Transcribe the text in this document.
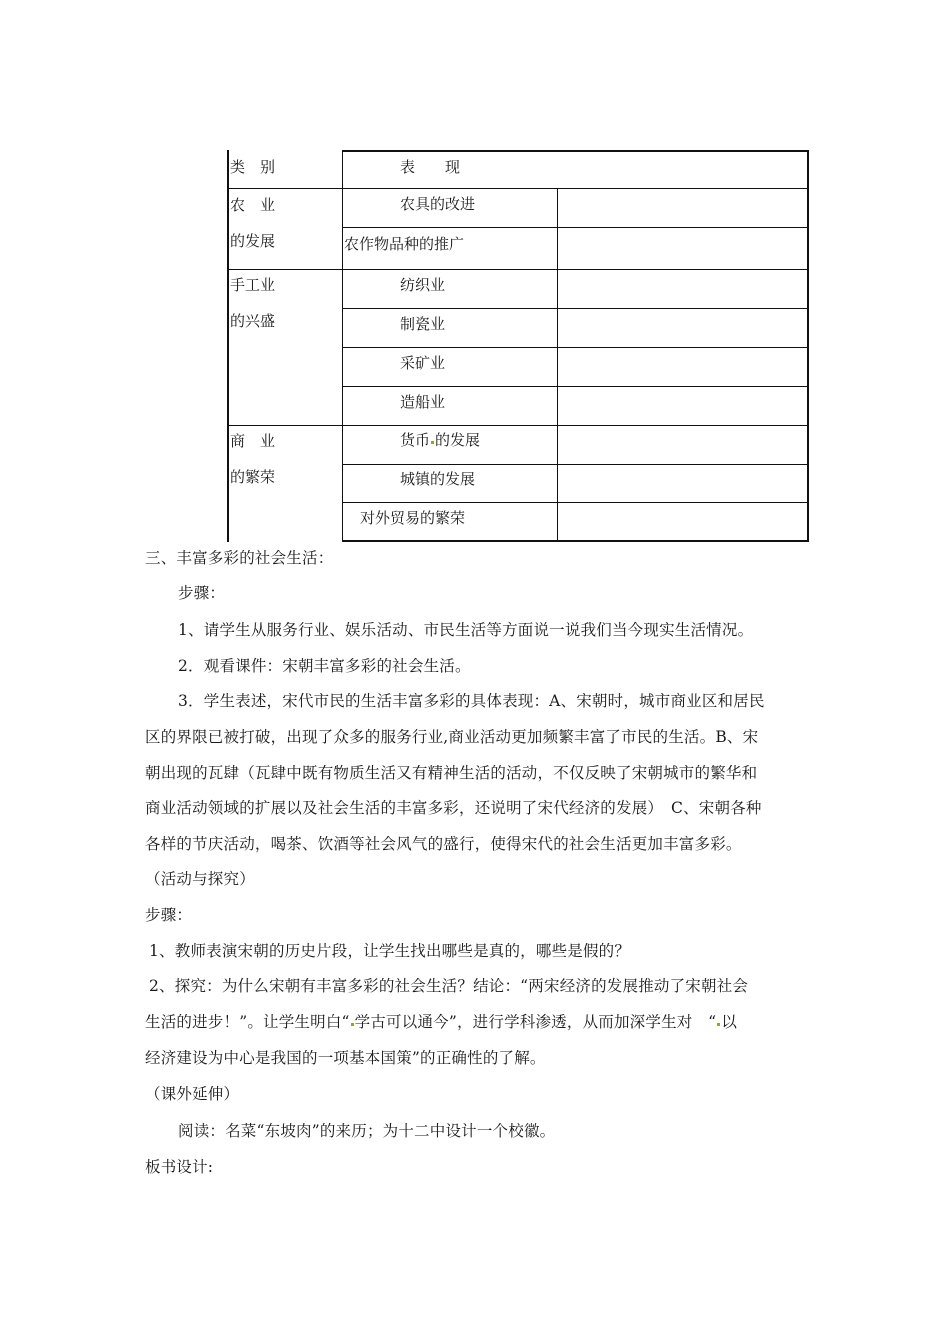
类　别	表　　现
农　业
的发展
农具的改进
农作物品种的推广
手工业
的兴盛
纺织业
制瓷业
采矿业
造船业
商　业
的繁荣
货币 的发展
城镇的发展
对外贸易的繁荣
三、丰富多彩的社会生活：
步骤：
1、请学生从服务行业、娱乐活动、市民生活等方面说一说我们当今现实生活情况。
2．观看课件：宋朝丰富多彩的社会生活。
3．学生表述，宋代市民的生活丰富多彩的具体表现：A、宋朝时，城市商业区和居民
区的界限已被打破，出现了众多的服务行业,商业活动更加频繁丰富了市民的生活。B、宋
朝出现的瓦肆（瓦肆中既有物质生活又有精神生活的活动，不仅反映了宋朝城市的繁华和
商业活动领域的扩展以及社会生活的丰富多彩，还说明了宋代经济的发展）　C、宋朝各种
各样的节庆活动，喝茶、饮酒等社会风气的盛行，使得宋代的社会生活更加丰富多彩。
（活动与探究）
步骤：
1、教师表演宋朝的历史片段，让学生找出哪些是真的，哪些是假的？
2、探究：为什么宋朝有丰富多彩的社会生活？结论：“两宋经济的发展推动了宋朝社会
生活的进步！”。让学生明白“ 学古可以通今”，进行学科渗透，从而加深学生对　“ 以
经济建设为中心是我国的一项基本国策”的正确性的了解。
（课外延伸）
阅读：名菜“东坡肉”的来历；为十二中设计一个校徽。
板书设计:
